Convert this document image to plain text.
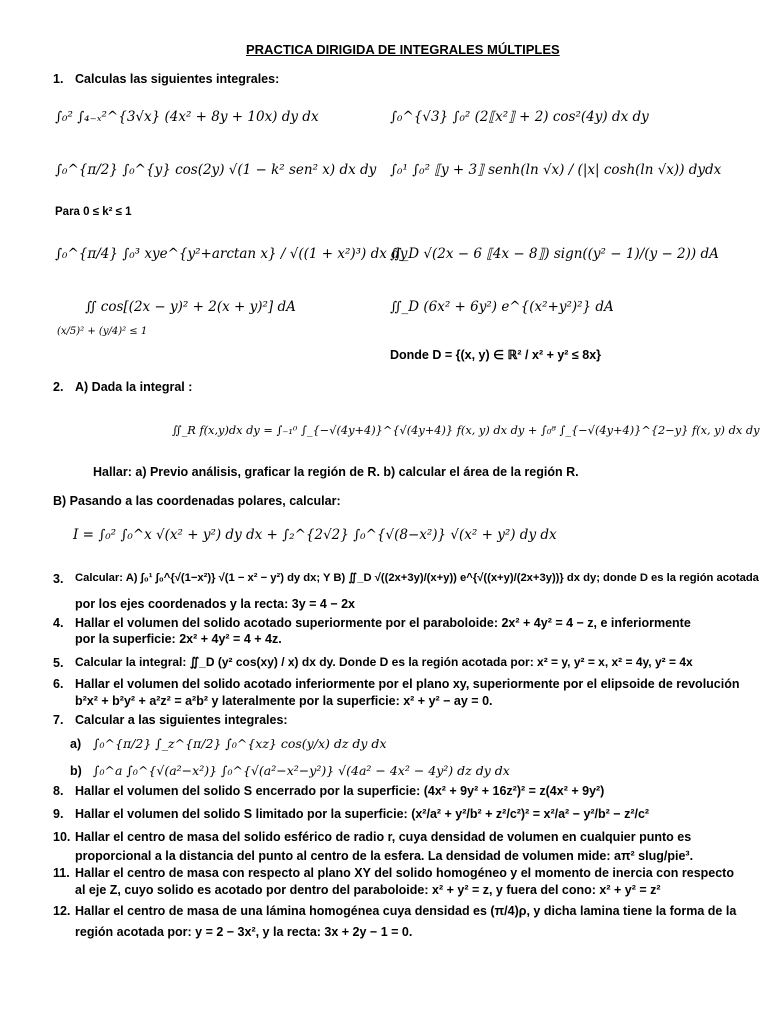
PRACTICA DIRIGIDA DE INTEGRALES MÚLTIPLES
1. Calculas las siguientes integrales:
∫₀² ∫₄₋ₓ²^{3√x} (4x² + 8y + 10x) dy dx	∫₀^{√3} ∫₀² (2⟦x²⟧ + 2) cos²(4y) dx dy
∫₀^{π/2} ∫₀^{y} cos(2y) √(1 − k² sen² x) dx dy ∫₀¹ ∫₀² ⟦y + 3⟧ senh(ln √x) / (|x| cosh(ln √x)) dydx
Para 0 ≤ k² ≤ 1
∫₀^{π/4} ∫₀³ xye^{y²+arctan x} / √((1 + x²)³) dx dy
∬_D √(2x − 6 ⟦4x − 8⟧) sign((y² − 1)/(y − 2)) dA
∬ cos[(2x − y)² + 2(x + y)²] dA
(x/5)² + (y/4)² ≤ 1
∬_D (6x² + 6y²) e^{(x²+y²)²} dA
Donde D = {(x, y) ∈ ℝ² / x² + y² ≤ 8x}
2. A) Dada la integral :
∬_R f(x,y)dx dy = ∫₋₁⁰ ∫_{−√(4y+4)}^{√(4y+4)} f(x, y) dx dy + ∫₀⁸ ∫_{−√(4y+4)}^{2−y} f(x, y) dx dy
Hallar: a) Previo análisis, graficar la región de R. b) calcular el área de la región R.
B) Pasando a las coordenadas polares, calcular:
I = ∫₀² ∫₀^x √(x² + y²) dy dx + ∫₂^{2√2} ∫₀^{√(8−x²)} √(x² + y²) dy dx
3. Calcular: A) ∫₀¹ ∫₀^{√(1−x²)} √(1 − x² − y²) dy dx; Y B) ∬_D √((2x+3y)/(x+y)) e^{√((x+y)/(2x+3y))} dx dy; donde D es la región acotada
por los ejes coordenados y la recta: 3y = 4 − 2x
4. Hallar el volumen del solido acotado superiormente por el paraboloide: 2x² + 4y² = 4 − z, e inferiormente
por la superficie: 2x² + 4y² = 4 + 4z.
5. Calcular la integral: ∬_D (y² cos(xy) / x) dx dy. Donde D es la región acotada por: x² = y, y² = x, x² = 4y, y² = 4x
6. Hallar el volumen del solido acotado inferiormente por el plano xy, superiormente por el elipsoide de revolución
b²x² + b²y² + a²z² = a²b² y lateralmente por la superficie: x² + y² − ay = 0.
7. Calcular a las siguientes integrales:
a) ∫₀^{π/2} ∫_z^{π/2} ∫₀^{xz} cos(y/x) dz dy dx
b) ∫₀^a ∫₀^{√(a²−x²)} ∫₀^{√(a²−x²−y²)} √(4a² − 4x² − 4y²) dz dy dx
8. Hallar el volumen del solido S encerrado por la superficie: (4x² + 9y² + 16z²)² = z(4x² + 9y²)
9. Hallar el volumen del solido S limitado por la superficie: (x²/a² + y²/b² + z²/c²)² = x²/a² − y²/b² − z²/c²
10. Hallar el centro de masa del solido esférico de radio r, cuya densidad de volumen en cualquier punto es
proporcional a la distancia del punto al centro de la esfera. La densidad de volumen mide: aπ² slug/pie³.
11. Hallar el centro de masa con respecto al plano XY del solido homogéneo y el momento de inercia con respecto
al eje Z, cuyo solido es acotado por dentro del paraboloide: x² + y² = z, y fuera del cono: x² + y² = z²
12. Hallar el centro de masa de una lámina homogénea cuya densidad es (π/4)ρ, y dicha lamina tiene la forma de la
región acotada por: y = 2 − 3x², y la recta: 3x + 2y − 1 = 0.
